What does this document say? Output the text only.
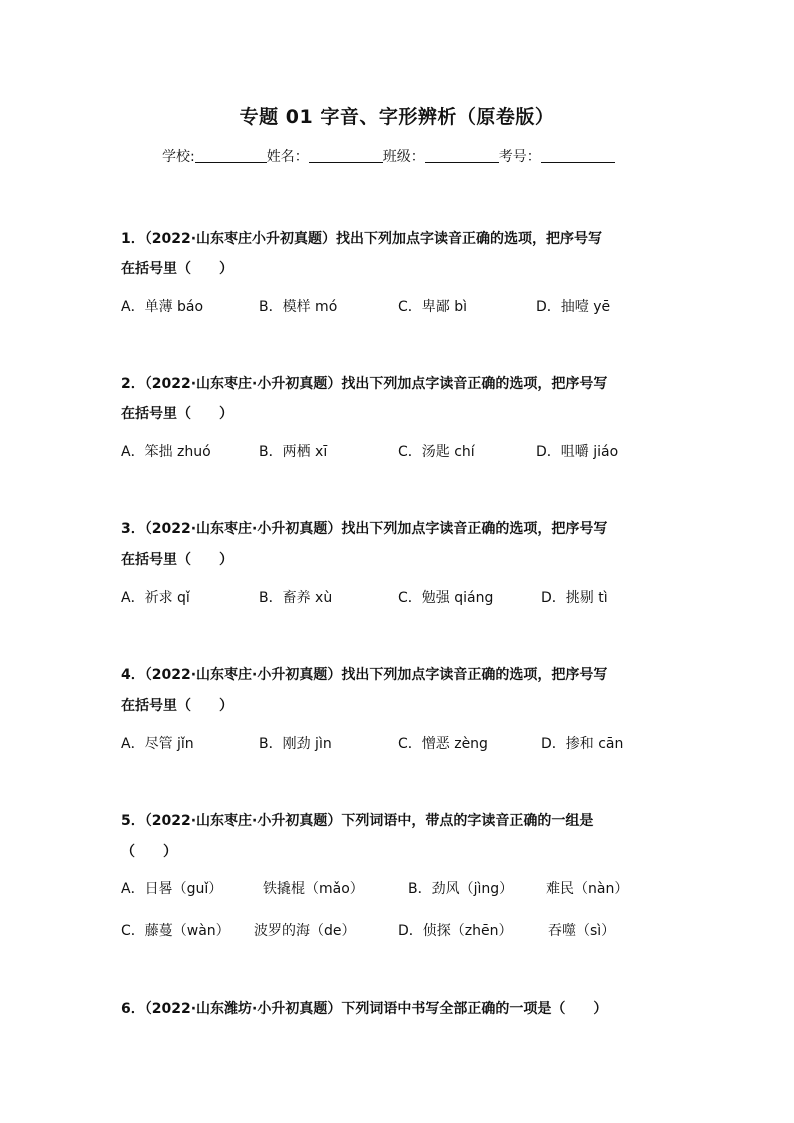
专题 01 字音、字形辨析（原卷版）
学校:	姓名：	班级：	考号：
1．（2022·山东枣庄小升初真题）找出下列加点字读音正确的选项，把序号写
在括号里（　　）
A．单薄 báo	B．模样 mó	C．卑鄙 bì	D．抽噎 yē
2．（2022·山东枣庄·小升初真题）找出下列加点字读音正确的选项，把序号写
在括号里（　　）
A．笨拙 zhuó	B．两栖 xī	C．汤匙 chí	D．咀嚼 jiáo
3．（2022·山东枣庄·小升初真题）找出下列加点字读音正确的选项，把序号写
在括号里（　　）
A．祈求 qǐ	B．畜养 xù	C．勉强 qiáng	D．挑剔 tì
4．（2022·山东枣庄·小升初真题）找出下列加点字读音正确的选项，把序号写
在括号里（　　）
A．尽管 jǐn	B．刚劲 jìn	C．憎恶 zèng	D．掺和 cān
5．（2022·山东枣庄·小升初真题）下列词语中，带点的字读音正确的一组是
（　　）
A．日晷（guǐ）	铁撬棍（mǎo）	B．劲风（jìng） 难民（nàn）
C．藤蔓（wàn） 波罗的海（de）	D．侦探（zhēn）	吞噬（sì）
6．（2022·山东潍坊·小升初真题）下列词语中书写全部正确的一项是（　　）
